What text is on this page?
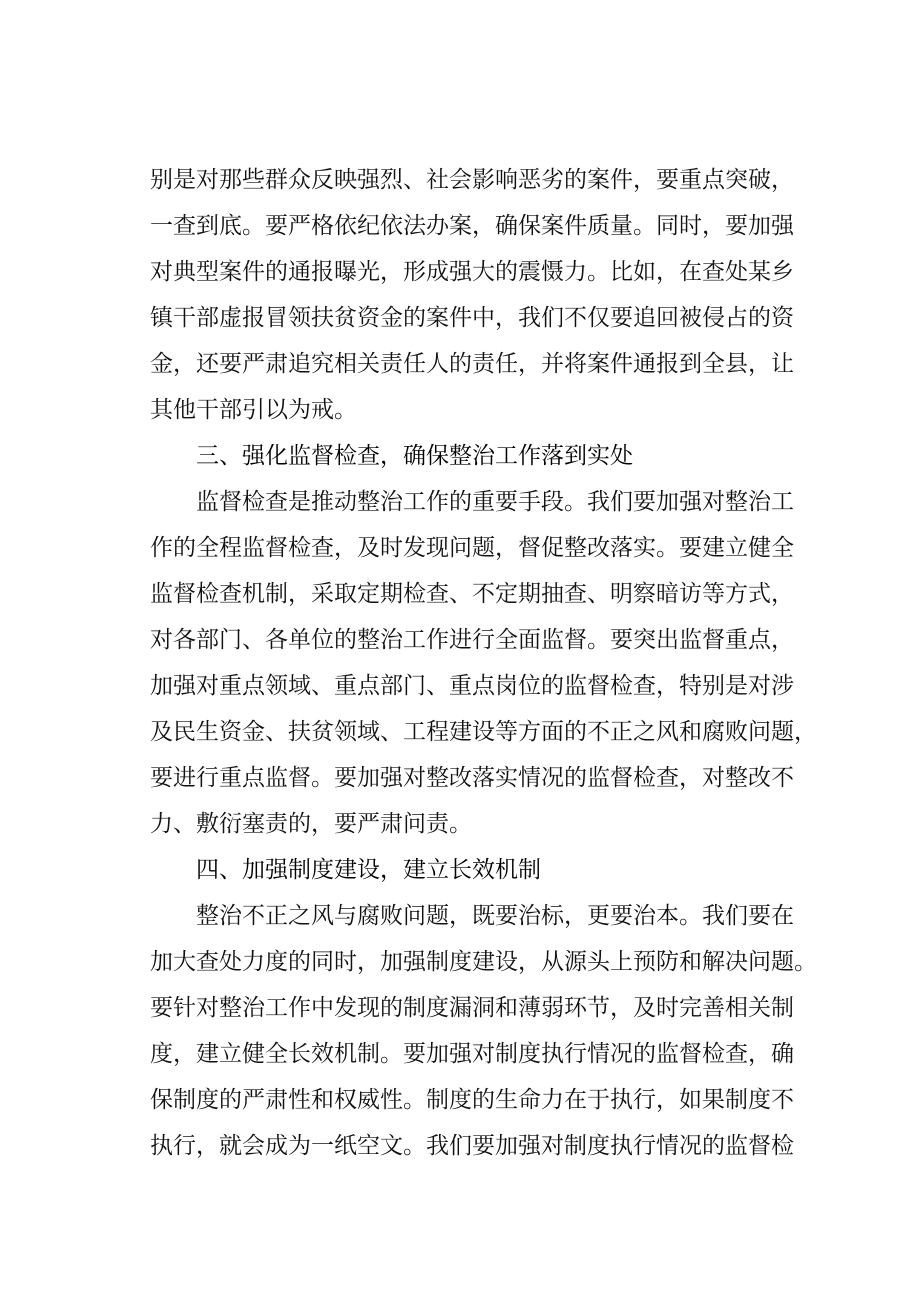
别是对那些群众反映强烈、社会影响恶劣的案件，要重点突破，
一查到底。要严格依纪依法办案，确保案件质量。同时，要加强
对典型案件的通报曝光，形成强大的震慑力。比如，在查处某乡
镇干部虚报冒领扶贫资金的案件中，我们不仅要追回被侵占的资
金，还要严肃追究相关责任人的责任，并将案件通报到全县，让
其他干部引以为戒。
三、强化监督检查，确保整治工作落到实处
监督检查是推动整治工作的重要手段。我们要加强对整治工
作的全程监督检查，及时发现问题，督促整改落实。要建立健全
监督检查机制，采取定期检查、不定期抽查、明察暗访等方式，
对各部门、各单位的整治工作进行全面监督。要突出监督重点，
加强对重点领域、重点部门、重点岗位的监督检查，特别是对涉
及民生资金、扶贫领域、工程建设等方面的不正之风和腐败问题，
要进行重点监督。要加强对整改落实情况的监督检查，对整改不
力、敷衍塞责的，要严肃问责。
四、加强制度建设，建立长效机制
整治不正之风与腐败问题，既要治标，更要治本。我们要在
加大查处力度的同时，加强制度建设，从源头上预防和解决问题。
要针对整治工作中发现的制度漏洞和薄弱环节，及时完善相关制
度，建立健全长效机制。要加强对制度执行情况的监督检查，确
保制度的严肃性和权威性。制度的生命力在于执行，如果制度不
执行，就会成为一纸空文。我们要加强对制度执行情况的监督检
